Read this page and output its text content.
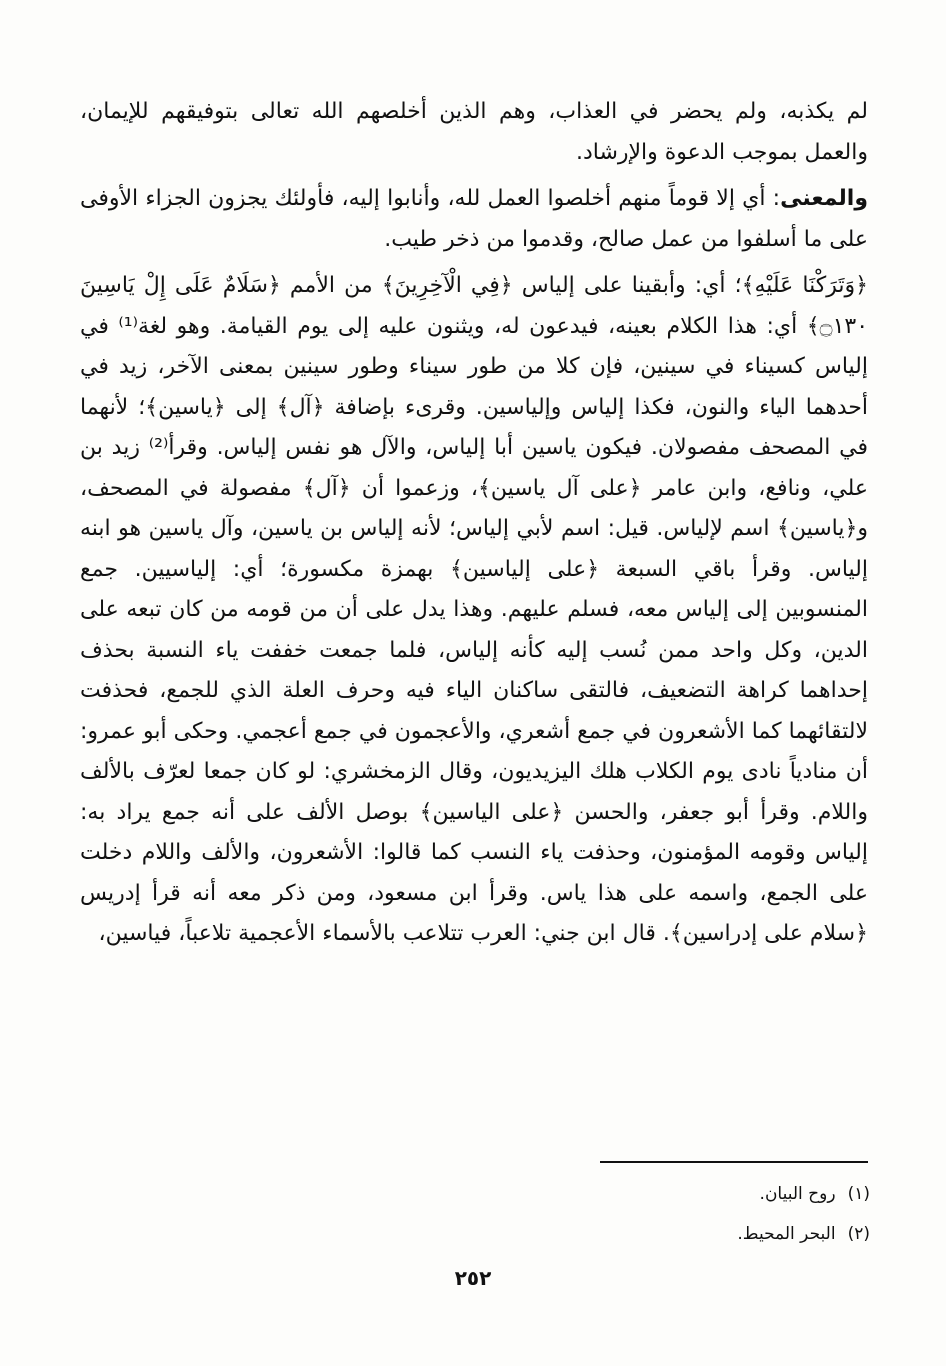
لم يكذبه، ولم يحضر في العذاب، وهم الذين أخلصهم الله تعالى بتوفيقهم للإيمان، والعمل بموجب الدعوة والإرشاد.

والمعنى: أي إلا قوماً منهم أخلصوا العمل لله، وأنابوا إليه، فأولئك يجزون الجزاء الأوفى على ما أسلفوا من عمل صالح، وقدموا من ذخر طيب.

﴿وَتَرَكْنَا عَلَيْهِ﴾؛ أي: وأبقينا على إلياس ﴿فِي الْآخِرِينَ﴾ من الأمم ﴿سَلَامٌ عَلَى إِلْ يَاسِينَ ۝١٣٠﴾ أي: هذا الكلام بعينه، فيدعون له، ويثنون عليه إلى يوم القيامة. وهو لغة⁽¹⁾ في إلياس كسيناء في سينين، فإن كلا من طور سيناء وطور سينين بمعنى الآخر، زيد في أحدهما الياء والنون، فكذا إلياس وإلياسين. وقرىء بإضافة ﴿آل﴾ إلى ﴿ياسين﴾؛ لأنهما في المصحف مفصولان. فيكون ياسين أبا إلياس، والآل هو نفس إلياس. وقرأ⁽²⁾ زيد بن علي، ونافع، وابن عامر ﴿على آل ياسين﴾، وزعموا أن ﴿آل﴾ مفصولة في المصحف، و﴿ياسين﴾ اسم لإلياس. قيل: اسم لأبي إلياس؛ لأنه إلياس بن ياسين، وآل ياسين هو ابنه إلياس. وقرأ باقي السبعة ﴿على إلياسين﴾ بهمزة مكسورة؛ أي: إلياسيين. جمع المنسوبين إلى إلياس معه، فسلم عليهم. وهذا يدل على أن من قومه من كان تبعه على الدين، وكل واحد ممن نُسب إليه كأنه إلياس، فلما جمعت خففت ياء النسبة بحذف إحداهما كراهة التضعيف، فالتقى ساكنان الياء فيه وحرف العلة الذي للجمع، فحذفت لالتقائهما كما الأشعرون في جمع أشعري، والأعجمون في جمع أعجمي. وحكى أبو عمرو: أن منادياً نادى يوم الكلاب هلك اليزيديون، وقال الزمخشري: لو كان جمعا لعرّف بالألف واللام. وقرأ أبو جعفر، والحسن ﴿على الياسين﴾ بوصل الألف على أنه جمع يراد به: إلياس وقومه المؤمنون، وحذفت ياء النسب كما قالوا: الأشعرون، والألف واللام دخلت على الجمع، واسمه على هذا ياس. وقرأ ابن مسعود، ومن ذكر معه أنه قرأ إدريس ﴿سلام على إدراسين﴾. قال ابن جني: العرب تتلاعب بالأسماء الأعجمية تلاعباً، فياسين،

(١)روح البيان.
(٢)البحر المحيط.
٢٥٢
